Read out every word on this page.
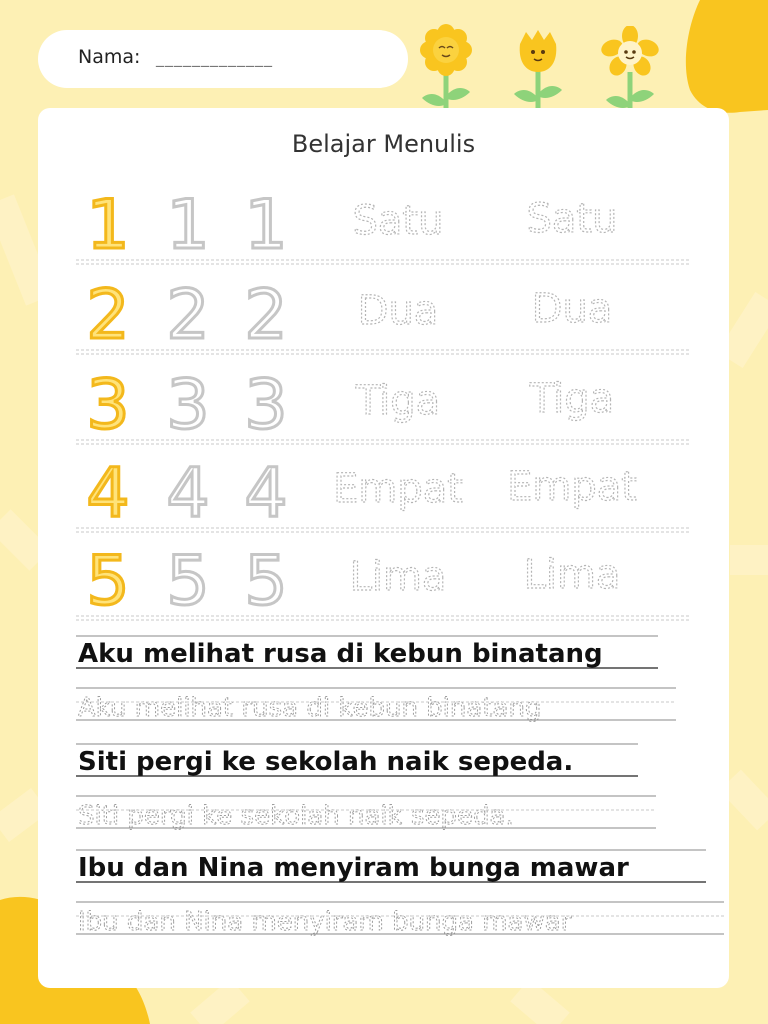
Nama: _____________
Belajar Menulis
1 1 1 Satu Satu
2 2 2 Dua Dua
3 3 3 Tiga Tiga
4 4 4 Empat Empat
5 5 5 Lima Lima
Aku melihat rusa di kebun binatang
Aku melihat rusa di kebun binatang
Siti pergi ke sekolah naik sepeda.
Siti pergi ke sekolah naik sepeda.
Ibu dan Nina menyiram bunga mawar
Ibu dan Nina menyiram bunga mawar
